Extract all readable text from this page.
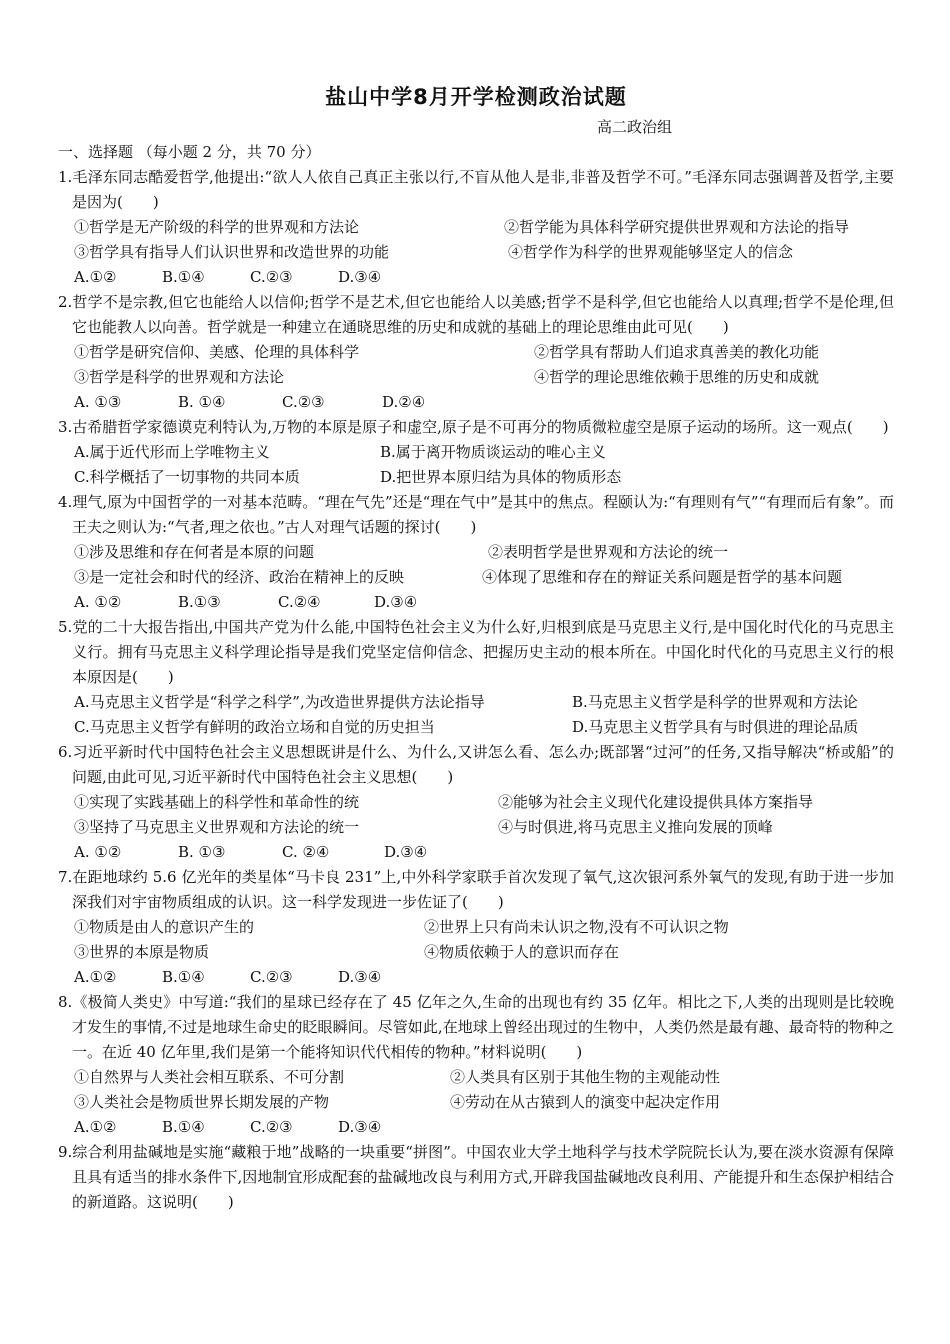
盐山中学8月开学检测政治试题
高二政治组
一、选择题 （每小题 2 分，共 70 分）
1.毛泽东同志酷爱哲学,他提出:“欲人人依自己真正主张以行,不盲从他人是非,非普及哲学不可。”毛泽东同志强调普及哲学,主要是因为(　　)
①哲学是无产阶级的科学的世界观和方法论	②哲学能为具体科学研究提供世界观和方法论的指导
③哲学具有指导人们认识世界和改造世界的功能	④哲学作为科学的世界观能够坚定人的信念
A.①②	B.①④	C.②③	D.③④
2.哲学不是宗教,但它也能给人以信仰;哲学不是艺术,但它也能给人以美感;哲学不是科学,但它也能给人以真理;哲学不是伦理,但它也能教人以向善。哲学就是一种建立在通晓思维的历史和成就的基础上的理论思维由此可见(　　)
①哲学是研究信仰、美感、伦理的具体科学	②哲学具有帮助人们追求真善美的教化功能
③哲学是科学的世界观和方法论	④哲学的理论思维依赖于思维的历史和成就
A. ①③	B. ①④	C.②③	D.②④
3.古希腊哲学家德谟克利特认为,万物的本原是原子和虚空,原子是不可再分的物质微粒虚空是原子运动的场所。这一观点(　　)
A.属于近代形而上学唯物主义	B.属于离开物质谈运动的唯心主义
C.科学概括了一切事物的共同本质	D.把世界本原归结为具体的物质形态
4.理气,原为中国哲学的一对基本范畴。“理在气先”还是“理在气中”是其中的焦点。程颐认为:“有理则有气”“有理而后有象”。而王夫之则认为:“气者,理之依也。”古人对理气话题的探讨(　　)
①涉及思维和存在何者是本原的问题	②表明哲学是世界观和方法论的统一
③是一定社会和时代的经济、政治在精神上的反映	④体现了思维和存在的辩证关系问题是哲学的基本问题
A. ①②	B.①③	C.②④	D.③④
5.党的二十大报告指出,中国共产党为什么能,中国特色社会主义为什么好,归根到底是马克思主义行,是中国化时代化的马克思主义行。拥有马克思主义科学理论指导是我们党坚定信仰信念、把握历史主动的根本所在。中国化时代化的马克思主义行的根本原因是(　　)
A.马克思主义哲学是“科学之科学”,为改造世界提供方法论指导	B.马克思主义哲学是科学的世界观和方法论
C.马克思主义哲学有鲜明的政治立场和自觉的历史担当	D.马克思主义哲学具有与时俱进的理论品质
6.习近平新时代中国特色社会主义思想既讲是什么、为什么,又讲怎么看、怎么办;既部署“过河”的任务,又指导解决“桥或船”的问题,由此可见,习近平新时代中国特色社会主义思想(　　)
①实现了实践基础上的科学性和革命性的统	②能够为社会主义现代化建设提供具体方案指导
③坚持了马克思主义世界观和方法论的统一	④与时俱进,将马克思主义推向发展的顶峰
A. ①②	B. ①③	C. ②④	D.③④
7.在距地球约 5.6 亿光年的类星体“马卡良 231”上,中外科学家联手首次发现了氧气,这次银河系外氧气的发现,有助于进一步加深我们对宇宙物质组成的认识。这一科学发现进一步佐证了(　　)
①物质是由人的意识产生的	②世界上只有尚未认识之物,没有不可认识之物
③世界的本原是物质	④物质依赖于人的意识而存在
A.①②	B.①④	C.②③	D.③④
8.《极简人类史》中写道:“我们的星球已经存在了 45 亿年之久,生命的出现也有约 35 亿年。相比之下,人类的出现则是比较晚才发生的事情,不过是地球生命史的眨眼瞬间。尽管如此,在地球上曾经出现过的生物中，人类仍然是最有趣、最奇特的物种之一。在近 40 亿年里,我们是第一个能将知识代代相传的物种。”材料说明(　　)
①自然界与人类社会相互联系、不可分割	②人类具有区别于其他生物的主观能动性
③人类社会是物质世界长期发展的产物	④劳动在从古猿到人的演变中起决定作用
A.①②	B.①④	C.②③	D.③④
9.综合利用盐碱地是实施“藏粮于地”战略的一块重要“拼图”。中国农业大学土地科学与技术学院院长认为,要在淡水资源有保障且具有适当的排水条件下,因地制宜形成配套的盐碱地改良与利用方式,开辟我国盐碱地改良利用、产能提升和生态保护相结合的新道路。这说明(　　)
